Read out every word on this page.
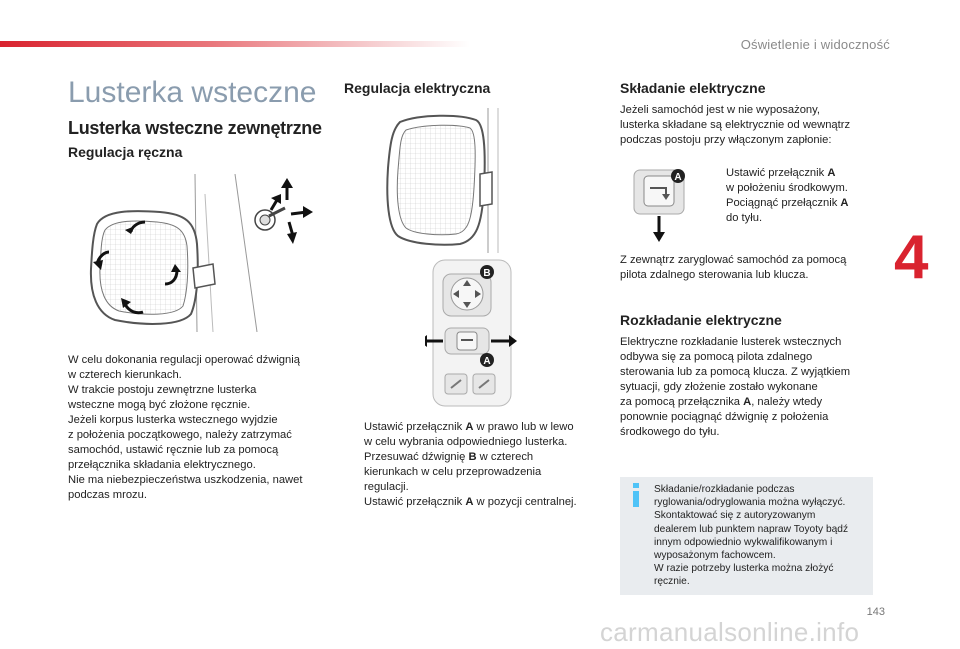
Oświetlenie i widoczność
4
Lusterka wsteczne
Lusterka wsteczne zewnętrzne
Regulacja ręczna

W celu dokonania regulacji operować dźwignią

w czterech kierunkach.

W trakcie postoju zewnętrzne lusterka

wsteczne mogą być złożone ręcznie.

Jeżeli korpus lusterka wstecznego wyjdzie

z położenia początkowego, należy zatrzymać

samochód, ustawić ręcznie lub za pomocą

przełącznika składania elektrycznego.

Nie ma niebezpieczeństwa uszkodzenia, nawet

podczas mrozu.

Regulacja elektryczna
B
A
Ustawić przełącznik A w prawo lub w lewo
w celu wybrania odpowiedniego lusterka.
Przesuwać dźwignię B w czterech
kierunkach w celu przeprowadzenia
regulacji.
Ustawić przełącznik A w pozycji centralnej.
Składanie elektryczne

Jeżeli samochód jest w nie wyposażony,

lusterka składane są elektrycznie od wewnątrz

podczas postoju przy włączonym zapłonie:

A	Ustawić przełącznik A
w położeniu środkowym.
Pociągnąć przełącznik A
do tyłu.

Z zewnątrz zaryglować samochód za pomocą

pilota zdalnego sterowania lub klucza.

Rozkładanie elektryczne

Elektryczne rozkładanie lusterek wstecznych

odbywa się za pomocą pilota zdalnego

sterowania lub za pomocą klucza. Z wyjątkiem

sytuacji, gdy złożenie zostało wykonane

za pomocą przełącznika A, należy wtedy

ponownie pociągnąć dźwignię z położenia

środkowego do tyłu.

Składanie/rozkładanie podczas

ryglowania/odryglowania można wyłączyć.

Skontaktować się z autoryzowanym

dealerem lub punktem napraw Toyoty bądź

innym odpowiednio wykwalifikowanym i

wyposażonym fachowcem.

W razie potrzeby lusterka można złożyć

ręcznie.

143
carmanualsonline.info
